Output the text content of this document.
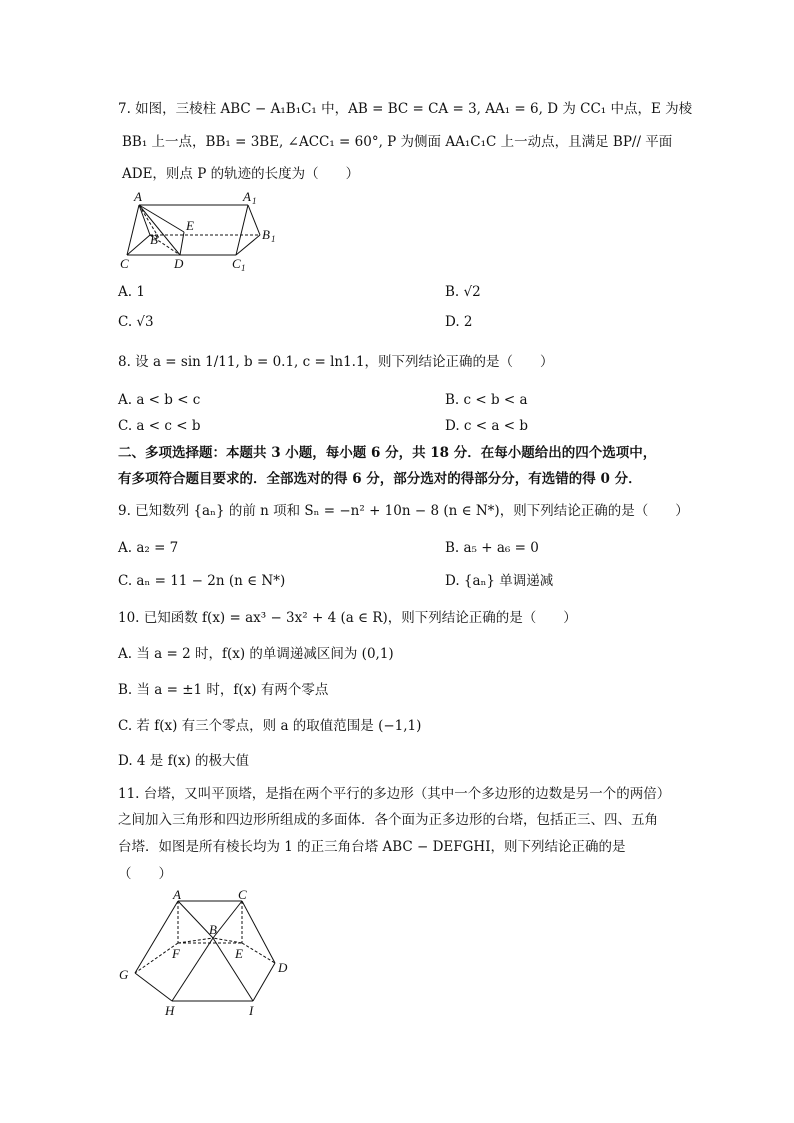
7. 如图，三棱柱 ABC − A₁B₁C₁ 中，AB = BC = CA = 3, AA₁ = 6, D 为 CC₁ 中点，E 为棱
BB₁ 上一点，BB₁ = 3BE, ∠ACC₁ = 60°, P 为侧面 AA₁C₁C 上一动点，且满足 BP// 平面
ADE，则点 P 的轨迹的长度为（　　）
A	A 1
B	B 1
E
C	D	C 1
A. 1	B. √2
C. √3	D. 2
8. 设 a = sin 1/11, b = 0.1, c = ln1.1，则下列结论正确的是（　　）
A. a < b < c	B. c < b < a
C. a < c < b	D. c < a < b
二、多项选择题：本题共 3 小题，每小题 6 分，共 18 分．在每小题给出的四个选项中，
有多项符合题目要求的．全部选对的得 6 分，部分选对的得部分分，有选错的得 0 分．
9. 已知数列 {aₙ} 的前 n 项和 Sₙ = −n² + 10n − 8 (n ∈ N*)，则下列结论正确的是（　　）
A. a₂ = 7	B. a₅ + a₆ = 0
C. aₙ = 11 − 2n (n ∈ N*)	D. {aₙ} 单调递减
10. 已知函数 f(x) = ax³ − 3x² + 4 (a ∈ R)，则下列结论正确的是（　　）
A. 当 a = 2 时，f(x) 的单调递减区间为 (0,1)
B. 当 a = ±1 时，f(x) 有两个零点
C. 若 f(x) 有三个零点，则 a 的取值范围是 (−1,1)
D. 4 是 f(x) 的极大值
11. 台塔，又叫平顶塔，是指在两个平行的多边形（其中一个多边形的边数是另一个的两倍）
之间加入三角形和四边形所组成的多面体．各个面为正多边形的台塔，包括正三、四、五角
台塔．如图是所有棱长均为 1 的正三角台塔 ABC − DEFGHI，则下列结论正确的是
（　　）
A	C
B
F	E
G	D
H	I
